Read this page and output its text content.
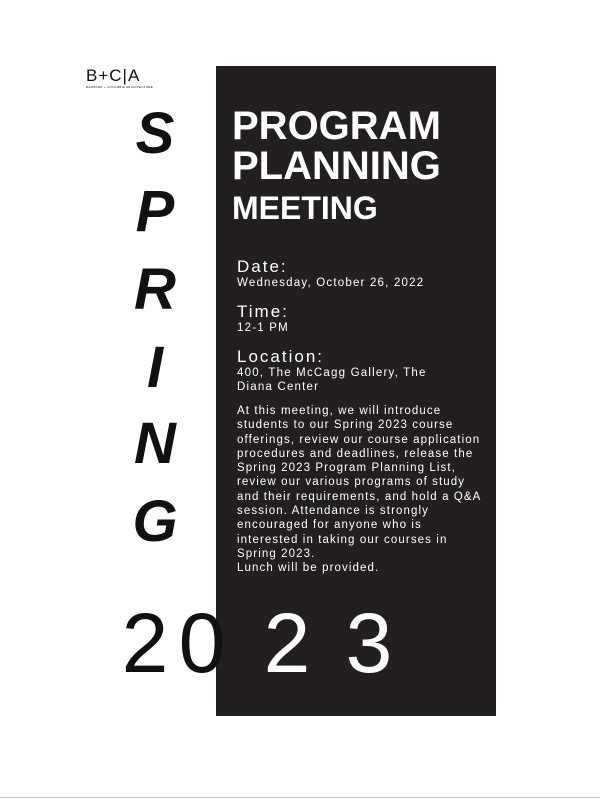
B+C|A
BARNARD + COLUMBIA ARCHITECTURE
S
P
R
I
N
G
PROGRAM
PLANNING
MEETING
Date:
Wednesday, October 26, 2022
Time:
12-1 PM
Location:
400, The McCagg Gallery, The Diana Center
At this meeting, we will introduce students to our Spring 2023 course offerings, review our course application procedures and deadlines, release the Spring 2023 Program Planning List, review our various programs of study and their requirements, and hold a Q&A session. Attendance is strongly encouraged for anyone who is interested in taking our courses in Spring 2023.
Lunch will be provided.
2 0 2 3
